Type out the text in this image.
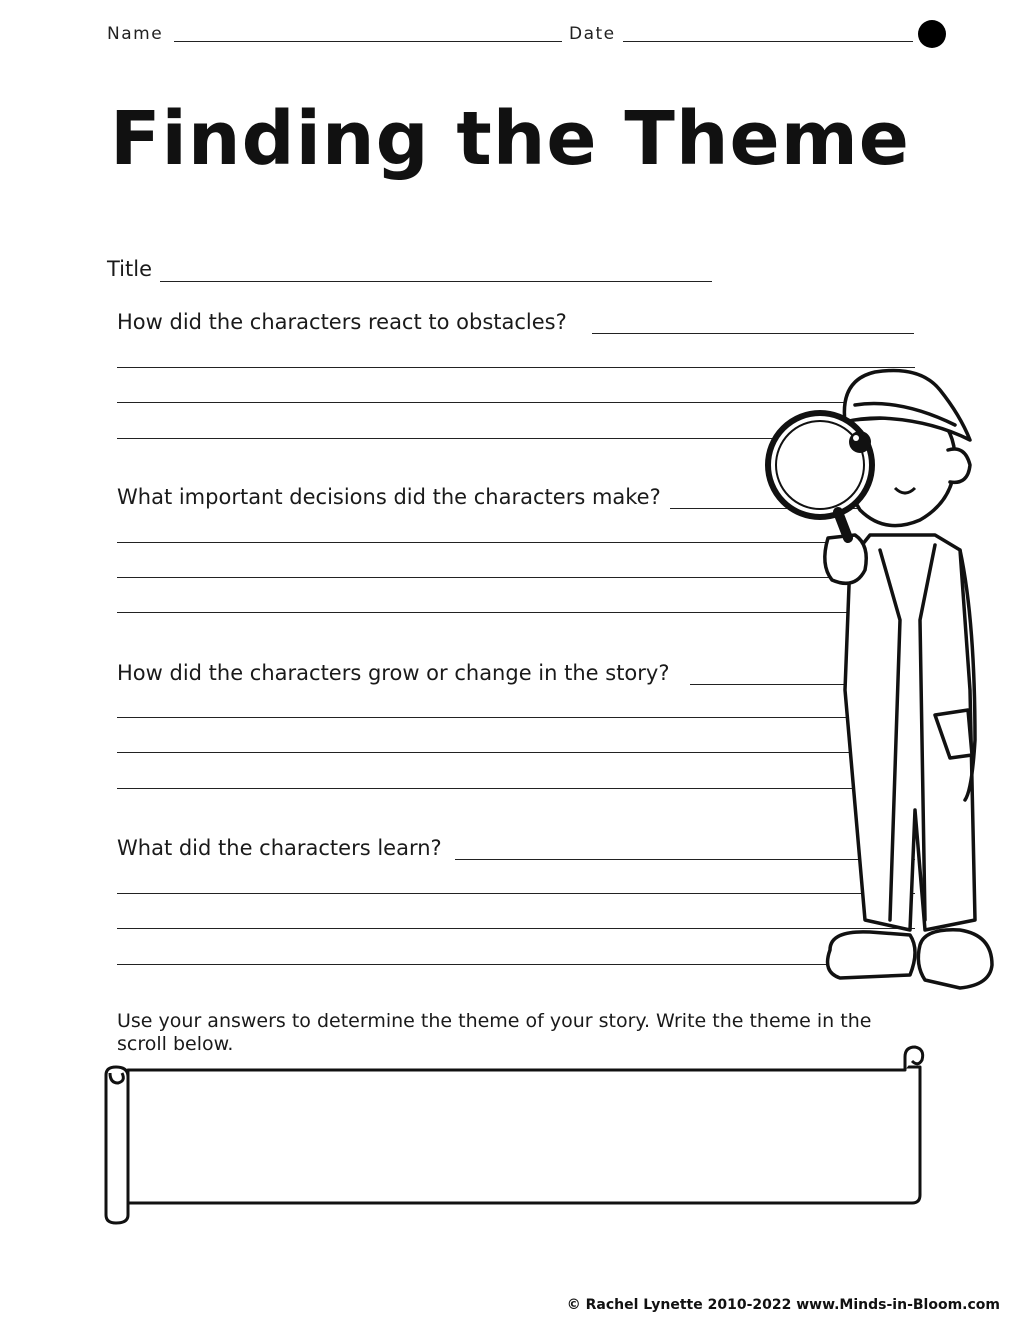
Name	Date
Finding the Theme
Title
How did the characters react to obstacles?
What important decisions did the characters make?
How did the characters grow or change in the story?
What did the characters learn?
Use your answers to determine the theme of your story. Write the theme in the scroll below.
© Rachel Lynette 2010-2022 www.Minds-in-Bloom.com
